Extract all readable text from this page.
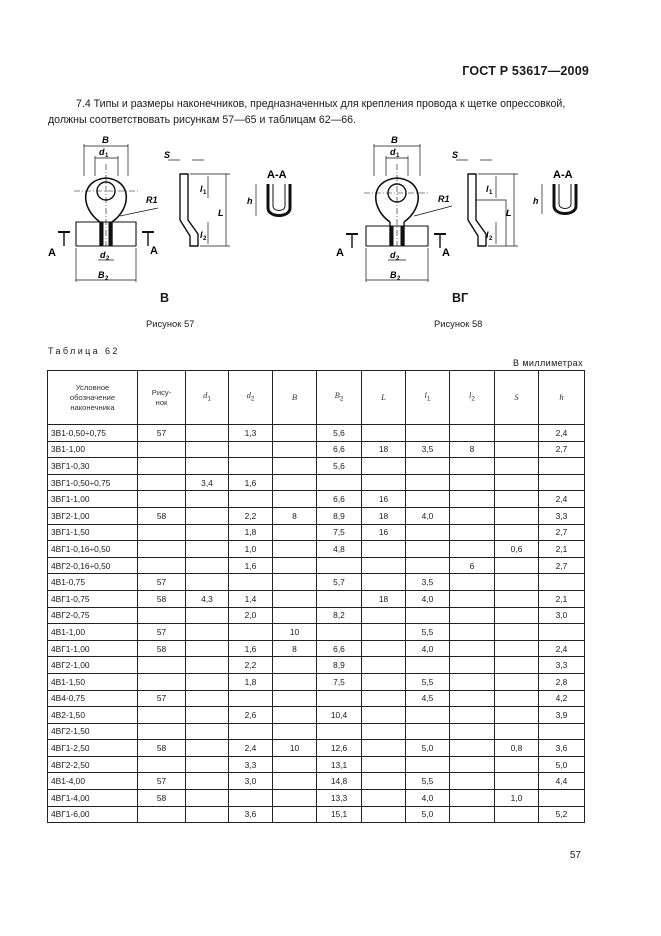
ГОСТ Р 53617—2009
7.4 Типы и размеры наконечников, предназначенных для крепления провода к щетке опрессовкой, должны соответствовать рисункам 57—65 и таблицам 62—66.
B
d 1
R1
d 2
B 2
A	A
S
l 1
L
l 2
h
A-A
В
Рисунок 57
B
d 1
R1
d 2
B 2
A	A
S
l 1
L
l 2
h
A-A
ВГ
Рисунок 58
Таблица 62
В миллиметрах
Условное
обозначение
наконечника	Рису-
нок	$d_1$	$d_2$	B	$B_2$	L	$l_1$	$l_2$	S	h
3В1-0,50÷0,75	57		1,3		5,6					2,4
3В1-1,00					6,6	18	3,5	8		2,7
3ВГ1-0,30					5,6					
3ВГ1-0,50÷0,75		3,4	1,6							
3ВГ1-1,00					6,6	16				2,4
3ВГ2-1,00	58		2,2	8	8,9	18	4,0			3,3
3ВГ1-1,50			1,8		7,5	16				2,7
4ВГ1-0,16÷0,50			1,0		4,8				0,6	2,1
4ВГ2-0,16÷0,50			1,6					6		2,7
4В1-0,75	57				5,7		3,5			
4ВГ1-0,75	58	4,3	1,4			18	4,0			2,1
4ВГ2-0,75			2,0		8,2					3,0
4В1-1,00	57			10			5,5			
4ВГ1-1,00	58		1,6	8	6,6		4,0			2,4
4ВГ2-1,00			2,2		8,9					3,3
4В1-1,50			1,8		7,5		5,5			2,8
4В4-0,75	57						4,5			4,2
4В2-1,50			2,6		10,4					3,9
4ВГ2-1,50										
4ВГ1-2,50	58		2,4	10	12,6		5,0		0,8	3,6
4ВГ2-2,50			3,3		13,1					5,0
4В1-4,00	57		3,0		14,8		5,5			4,4
4ВГ1-4,00	58				13,3		4,0		1,0	
4ВГ1-6,00			3,6		15,1		5,0			5,2
57
